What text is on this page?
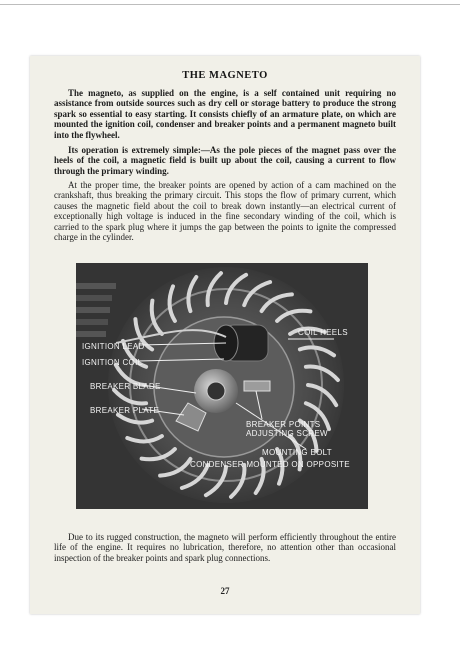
THE MAGNETO

The magneto, as supplied on the engine, is a self contained unit requiring no assistance from outside sources such as dry cell or storage battery to produce the strong spark so essential to easy starting. It consists chiefly of an armature plate, on which are mounted the ignition coil, condenser and breaker points and a permanent magneto built into the flywheel.

Its operation is extremely simple:—As the pole pieces of the magnet pass over the heels of the coil, a magnetic field is built up about the coil, causing a current to flow through the primary winding.

At the proper time, the breaker points are opened by action of a cam machined on the crankshaft, thus breaking the primary circuit. This stops the flow of primary current, which causes the magnetic field about the coil to break down instantly—an electrical current of exceptionally high voltage is induced in the fine secondary winding of the coil, which is carried to the spark plug where it jumps the gap between the points to ignite the compressed charge in the cylinder.

COIL HEELS
IGNITION LEAD
IGNITION COIL
BREAKER BLADE
BREAKER PLATE
BREAKER POINTS
ADJUSTING SCREW
MOUNTING BOLT
CONDENSER MOUNTED ON OPPOSITE

Due to its rugged construction, the magneto will perform efficiently throughout the entire life of the engine. It requires no lubrication, therefore, no attention other than occasional inspection of the breaker points and spark plug connections.

27
